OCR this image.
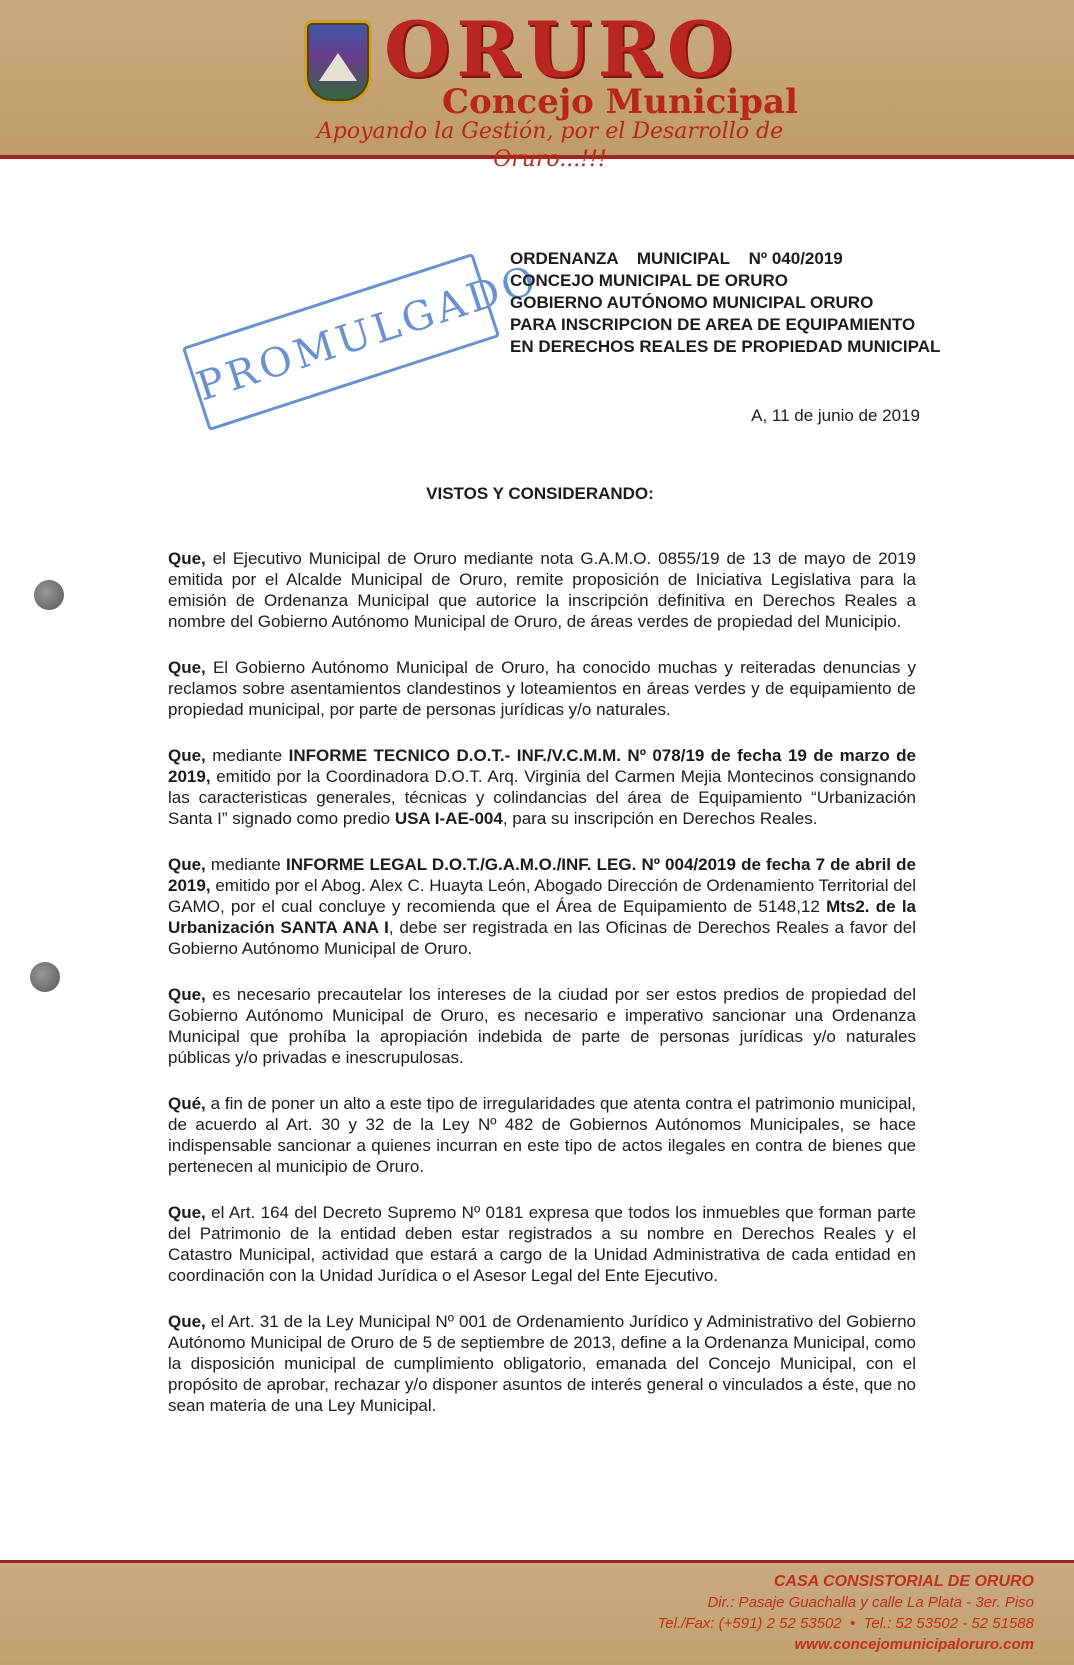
ORURO
Concejo Municipal
Apoyando la Gestión, por el Desarrollo de Oruro...!!!
PROMULGADO
ORDENANZA    MUNICIPAL    Nº 040/2019
CONCEJO MUNICIPAL DE ORURO
GOBIERNO AUTÓNOMO MUNICIPAL ORURO
PARA INSCRIPCION DE AREA DE EQUIPAMIENTO
EN DERECHOS REALES DE PROPIEDAD MUNICIPAL
A, 11 de junio de 2019
VISTOS Y CONSIDERANDO:

Que, el Ejecutivo Municipal de Oruro mediante nota G.A.M.O. 0855/19 de 13 de mayo de 2019 emitida por el Alcalde Municipal de Oruro, remite proposición de Iniciativa Legislativa para la emisión de Ordenanza Municipal que autorice la inscripción definitiva en Derechos Reales a nombre del Gobierno Autónomo Municipal de Oruro, de áreas verdes de propiedad del Municipio.

Que, El Gobierno Autónomo Municipal de Oruro, ha conocido muchas y reiteradas denuncias y reclamos sobre asentamientos clandestinos y loteamientos en áreas verdes y de equipamiento de propiedad municipal, por parte de personas jurídicas y/o naturales.

Que, mediante INFORME TECNICO D.O.T.- INF./V.C.M.M. Nº 078/19 de fecha 19 de marzo de 2019, emitido por la Coordinadora D.O.T. Arq. Virginia del Carmen Mejia Montecinos consignando las caracteristicas generales, técnicas y colindancias del área de Equipamiento “Urbanización Santa I” signado como predio USA I-AE-004, para su inscripción en Derechos Reales.

Que, mediante INFORME LEGAL D.O.T./G.A.M.O./INF. LEG. Nº 004/2019 de fecha 7 de abril de 2019, emitido por el Abog. Alex C. Huayta León, Abogado Dirección de Ordenamiento Territorial del GAMO, por el cual concluye y recomienda que el Área de Equipamiento de 5148,12 Mts2. de la Urbanización SANTA ANA I, debe ser registrada en las Oficinas de Derechos Reales a favor del Gobierno Autónomo Municipal de Oruro.

Que, es necesario precautelar los intereses de la ciudad por ser estos predios de propiedad del Gobierno Autónomo Municipal de Oruro, es necesario e imperativo sancionar una Ordenanza Municipal que prohíba la apropiación indebida de parte de personas jurídicas y/o naturales públicas y/o privadas e inescrupulosas.

Qué, a fin de poner un alto a este tipo de irregularidades que atenta contra el patrimonio municipal, de acuerdo al Art. 30 y 32 de la Ley Nº 482 de Gobiernos Autónomos Municipales, se hace indispensable sancionar a quienes incurran en este tipo de actos ilegales en contra de bienes que pertenecen al municipio de Oruro.

Que, el Art. 164 del Decreto Supremo Nº 0181 expresa que todos los inmuebles que forman parte del Patrimonio de la entidad deben estar registrados a su nombre en Derechos Reales y el Catastro Municipal, actividad que estará a cargo de la Unidad Administrativa de cada entidad en coordinación con la Unidad Jurídica o el Asesor Legal del Ente Ejecutivo.

Que, el Art. 31 de la Ley Municipal Nº 001 de Ordenamiento Jurídico y Administrativo del Gobierno Autónomo Municipal de Oruro de 5 de septiembre de 2013, define a la Ordenanza Municipal, como la disposición municipal de cumplimiento obligatorio, emanada del Concejo Municipal, con el propósito de aprobar, rechazar y/o disponer asuntos de interés general o vinculados a éste, que no sean materia de una Ley Municipal.

CASA CONSISTORIAL DE ORURO
Dir.: Pasaje Guachalla y calle La Plata - 3er. Piso
Tel./Fax: (+591) 2 52 53502  •  Tel.: 52 53502 - 52 51588
www.concejomunicipaloruro.com
